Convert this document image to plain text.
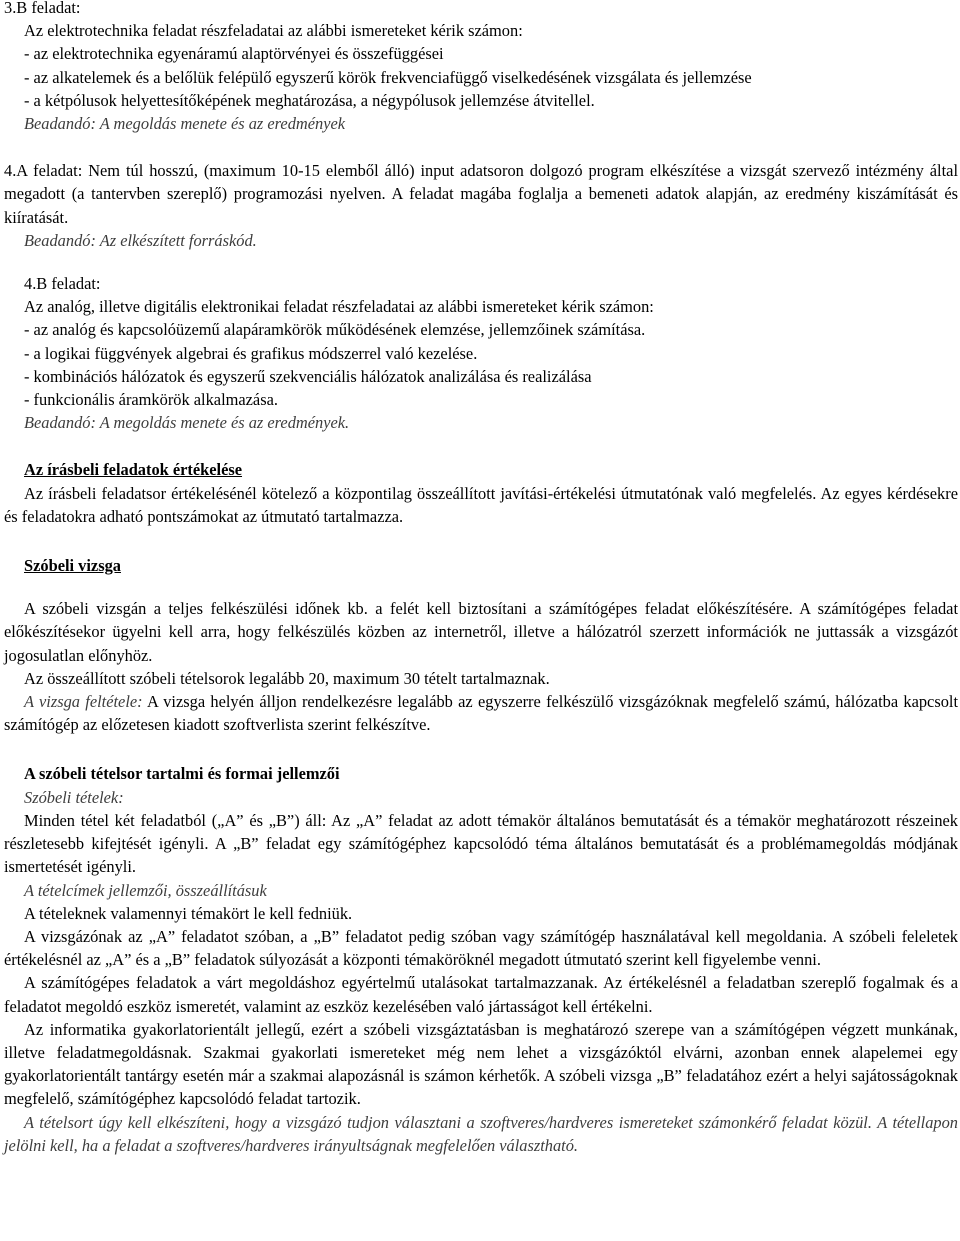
3.B feladat:

Az elektrotechnika feladat részfeladatai az alábbi ismereteket kérik számon:

- az elektrotechnika egyenáramú alaptörvényei és összefüggései

- az alkatelemek és a belőlük felépülő egyszerű körök frekvenciafüggő viselkedésének vizsgálata és jellemzése

- a kétpólusok helyettesítőképének meghatározása, a négypólusok jellemzése átvitellel.

Beadandó: A megoldás menete és az eredmények

4.A feladat: Nem túl hosszú, (maximum 10-15 elemből álló) input adatsoron dolgozó program elkészítése a vizsgát szervező intézmény által megadott (a tantervben szereplő) programozási nyelven. A feladat magába foglalja a bemeneti adatok alapján, az eredmény kiszámítását és kiíratását.

Beadandó: Az elkészített forráskód.

4.B feladat:

Az analóg, illetve digitális elektronikai feladat részfeladatai az alábbi ismereteket kérik számon:

- az analóg és kapcsolóüzemű alapáramkörök működésének elemzése, jellemzőinek számítása.

- a logikai függvények algebrai és grafikus módszerrel való kezelése.

- kombinációs hálózatok és egyszerű szekvenciális hálózatok analizálása és realizálása

- funkcionális áramkörök alkalmazása.

Beadandó: A megoldás menete és az eredmények.

Az írásbeli feladatok értékelése

Az írásbeli feladatsor értékelésénél kötelező a központilag összeállított javítási-értékelési útmutatónak való megfelelés. Az egyes kérdésekre és feladatokra adható pontszámokat az útmutató tartalmazza.

Szóbeli vizsga

A szóbeli vizsgán a teljes felkészülési időnek kb. a felét kell biztosítani a számítógépes feladat előkészítésére. A számítógépes feladat előkészítésekor ügyelni kell arra, hogy felkészülés közben az internetről, illetve a hálózatról szerzett információk ne juttassák a vizsgázót jogosulatlan előnyhöz.

Az összeállított szóbeli tételsorok legalább 20, maximum 30 tételt tartalmaznak.

A vizsga feltétele: A vizsga helyén álljon rendelkezésre legalább az egyszerre felkészülő vizsgázóknak megfelelő számú, hálózatba kapcsolt számítógép az előzetesen kiadott szoftverlista szerint felkészítve.

A szóbeli tételsor tartalmi és formai jellemzői

Szóbeli tételek:

Minden tétel két feladatból („A” és „B”) áll: Az „A” feladat az adott témakör általános bemutatását és a témakör meghatározott részeinek részletesebb kifejtését igényli. A „B” feladat egy számítógéphez kapcsolódó téma általános bemutatását és a problémamegoldás módjának ismertetését igényli.

A tételcímek jellemzői, összeállításuk

A tételeknek valamennyi témakört le kell fedniük.

A vizsgázónak az „A” feladatot szóban, a „B” feladatot pedig szóban vagy számítógép használatával kell megoldania. A szóbeli feleletek értékelésnél az „A” és a „B” feladatok súlyozását a központi témaköröknél megadott útmutató szerint kell figyelembe venni.

A számítógépes feladatok a várt megoldáshoz egyértelmű utalásokat tartalmazzanak. Az értékelésnél a feladatban szereplő fogalmak és a feladatot megoldó eszköz ismeretét, valamint az eszköz kezelésében való jártasságot kell értékelni.

Az informatika gyakorlatorientált jellegű, ezért a szóbeli vizsgáztatásban is meghatározó szerepe van a számítógépen végzett munkának, illetve feladatmegoldásnak. Szakmai gyakorlati ismereteket még nem lehet a vizsgázóktól elvárni, azonban ennek alapelemei egy gyakorlatorientált tantárgy esetén már a szakmai alapozásnál is számon kérhetők. A szóbeli vizsga „B” feladatához ezért a helyi sajátosságoknak megfelelő, számítógéphez kapcsolódó feladat tartozik.

A tételsort úgy kell elkészíteni, hogy a vizsgázó tudjon választani a szoftveres/hardveres ismereteket számonkérő feladat közül. A tétellapon jelölni kell, ha a feladat a szoftveres/hardveres irányultságnak megfelelően választható.
